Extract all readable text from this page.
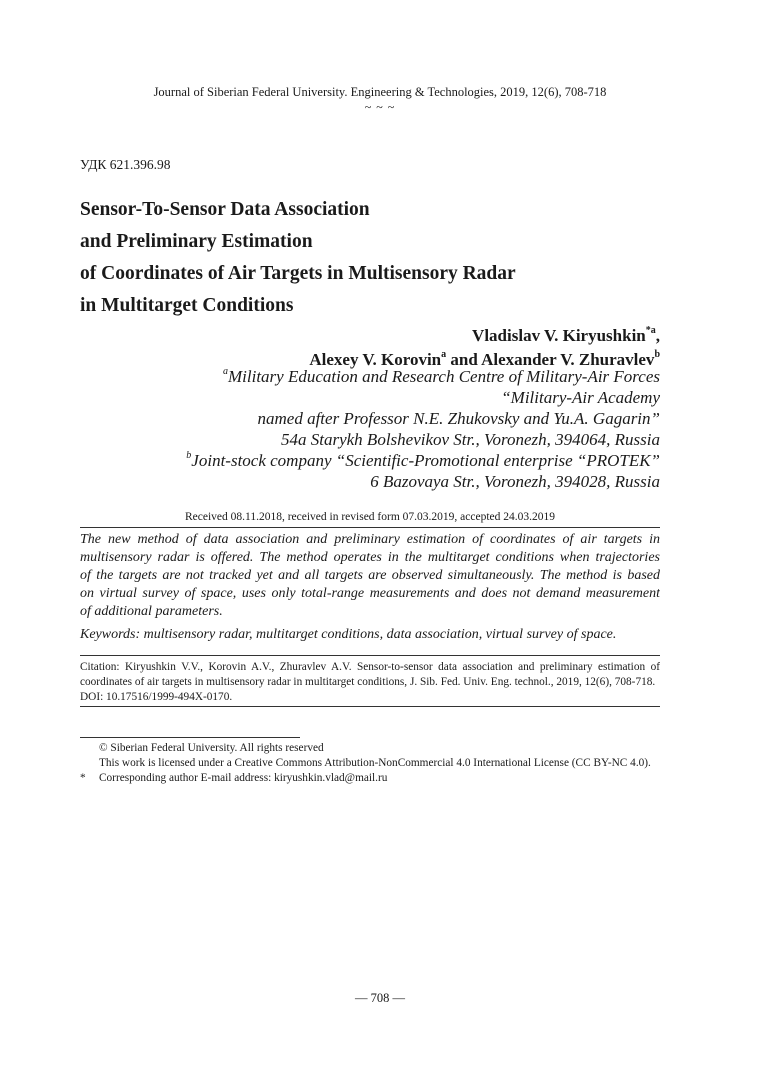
Journal of Siberian Federal University. Engineering & Technologies, 2019, 12(6), 708-718
~ ~ ~
УДК 621.396.98
Sensor-To-Sensor Data Association
and Preliminary Estimation
of Coordinates of Air Targets in Multisensory Radar
in Multitarget Conditions
Vladislav V. Kiryushkin$^{*a}$,
Alexey V. Korovin$^a$ and Alexander V. Zhuravlev$^b$
$^a$Military Education and Research Centre of Military-Air Forces
“Military-Air Academy
named after Professor N.E. Zhukovsky and Yu.A. Gagarin”
54a Starykh Bolshevikov Str., Voronezh, 394064, Russia
$^b$Joint-stock company “Scientific-Promotional enterprise “PROTEK”
6 Bazovaya Str., Voronezh, 394028, Russia
Received 08.11.2018, received in revised form 07.03.2019, accepted 24.03.2019
The new method of data association and preliminary estimation of coordinates of air targets in
multisensory radar is offered. The method operates in the multitarget conditions when trajectories
of the targets are not tracked yet and all targets are observed simultaneously. The method is based
on virtual survey of space, uses only total-range measurements and does not demand measurement
of additional parameters.
Keywords: multisensory radar, multitarget conditions, data association, virtual survey of space.
Citation: Kiryushkin V.V., Korovin A.V., Zhuravlev A.V. Sensor-to-sensor data association and preliminary estimation of
coordinates of air targets in multisensory radar in multitarget conditions, J. Sib. Fed. Univ. Eng. technol., 2019, 12(6), 708-718.
DOI: 10.17516/1999-494X-0170.
© Siberian Federal University. All rights reserved
This work is licensed under a Creative Commons Attribution-NonCommercial 4.0 International License (CC BY-NC 4.0).
* Corresponding author E-mail address: kiryushkin.vlad@mail.ru
― 708 ―
